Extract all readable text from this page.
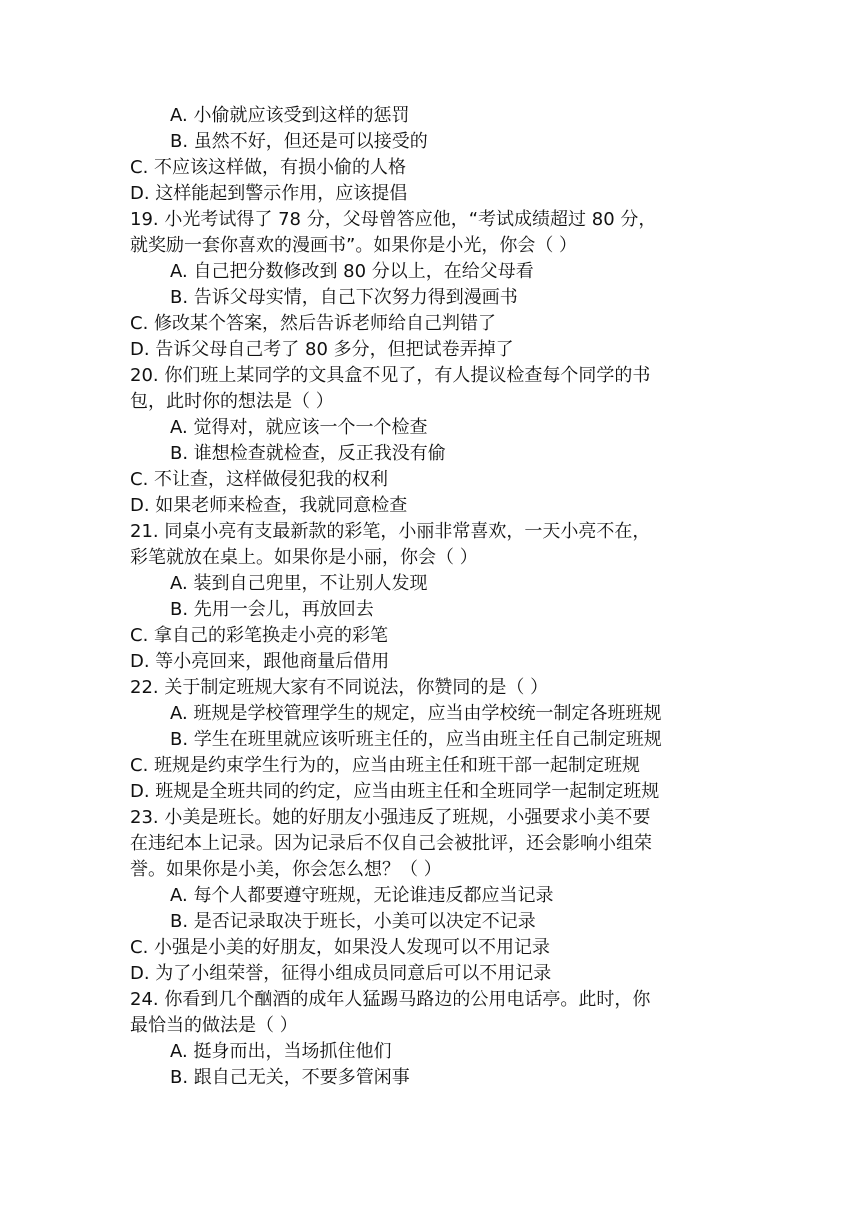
A. 小偷就应该受到这样的惩罚
B. 虽然不好，但还是可以接受的
C. 不应该这样做，有损小偷的人格
D. 这样能起到警示作用，应该提倡
19. 小光考试得了 78 分，父母曾答应他，“考试成绩超过 80 分，
就奖励一套你喜欢的漫画书”。如果你是小光，你会（ ）
A. 自己把分数修改到 80 分以上，在给父母看
B. 告诉父母实情，自己下次努力得到漫画书
C. 修改某个答案，然后告诉老师给自己判错了
D. 告诉父母自己考了 80 多分，但把试卷弄掉了
20. 你们班上某同学的文具盒不见了，有人提议检查每个同学的书
包，此时你的想法是（ ）
A. 觉得对，就应该一个一个检查
B. 谁想检查就检查，反正我没有偷
C. 不让查，这样做侵犯我的权利
D. 如果老师来检查，我就同意检查
21. 同桌小亮有支最新款的彩笔，小丽非常喜欢，一天小亮不在，
彩笔就放在桌上。如果你是小丽，你会（ ）
A. 装到自己兜里，不让别人发现
B. 先用一会儿，再放回去
C. 拿自己的彩笔换走小亮的彩笔
D. 等小亮回来，跟他商量后借用
22. 关于制定班规大家有不同说法，你赞同的是（ ）
A. 班规是学校管理学生的规定，应当由学校统一制定各班班规
B. 学生在班里就应该听班主任的，应当由班主任自己制定班规
C. 班规是约束学生行为的，应当由班主任和班干部一起制定班规
D. 班规是全班共同的约定，应当由班主任和全班同学一起制定班规
23. 小美是班长。她的好朋友小强违反了班规，小强要求小美不要
在违纪本上记录。因为记录后不仅自己会被批评，还会影响小组荣
誉。如果你是小美，你会怎么想？（ ）
A. 每个人都要遵守班规，无论谁违反都应当记录
B. 是否记录取决于班长，小美可以决定不记录
C. 小强是小美的好朋友，如果没人发现可以不用记录
D. 为了小组荣誉，征得小组成员同意后可以不用记录
24. 你看到几个酗酒的成年人猛踢马路边的公用电话亭。此时，你
最恰当的做法是（ ）
A. 挺身而出，当场抓住他们
B. 跟自己无关，不要多管闲事
